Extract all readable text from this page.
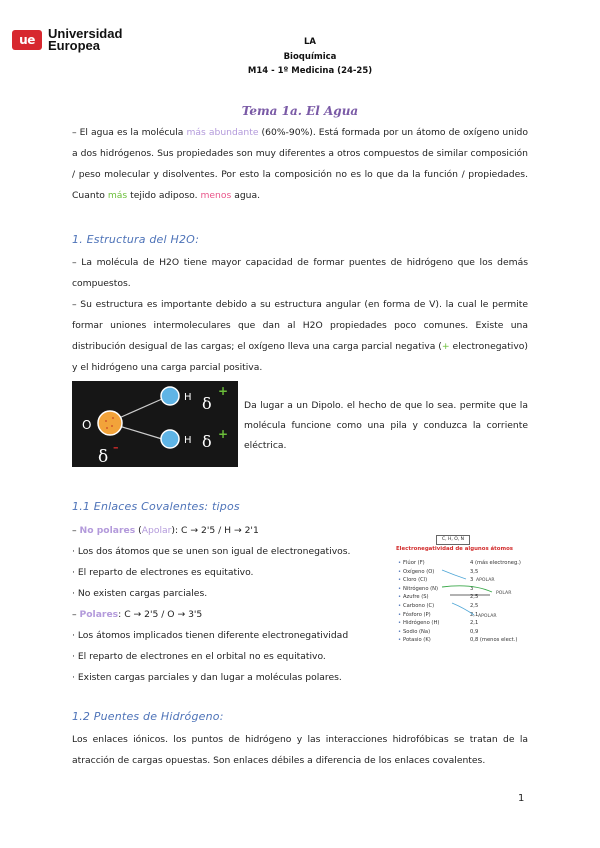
ue	Universidad
Europea	LA
Bioquímica
M14 - 1º Medicina (24-25)
Tema 1a. El Agua

– El agua es la molécula más abundante (60%-90%). Está formada por un átomo de oxígeno unido a dos hidrógenos. Sus propiedades son muy diferentes a otros compuestos de similar composición / peso molecular y disolventes. Por esto la composición no es lo que da la función / propiedades. Cuanto más tejido adiposo. menos agua.

1. Estructura del H2O:

– La molécula de H2O tiene mayor capacidad de formar puentes de hidrógeno que los demás compuestos.

– Su estructura es importante debido a su estructura angular (en forma de V). la cual le permite formar uniones intermoleculares que dan al H2O propiedades poco comunes. Existe una distribución desigual de las cargas; el oxígeno lleva una carga parcial negativa (+ electronegativo) y el hidrógeno una carga parcial positiva.

O
H
H
δ
δ
+
+
δ –
Da lugar a un Dipolo. el hecho de que lo sea. permite que la molécula funcione como una pila y conduzca la corriente eléctrica.
1.1 Enlaces Covalentes: tipos
– No polares (Apolar): C → 2'5 / H → 2'1
· Los dos átomos que se unen son igual de electronegativos.
· El reparto de electrones es equitativo.
· No existen cargas parciales.
– Polares: C → 2'5 / O → 3'5
· Los átomos implicados tienen diferente electronegatividad
· El reparto de electrones en el orbital no es equitativo.
· Existen cargas parciales y dan lugar a moléculas polares.
C, H, O, N
Electronegatividad de algunos átomos
• Flúor (F)	4 (más electroneg.)
• Oxígeno (O)	3,5
• Cloro (Cl)	3
• Nitrógeno (N)	3
• Azufre (S)	2,5
• Carbono (C)	2,5
• Fósforo (P)	2,1
• Hidrógeno (H)	2,1
• Sodio (Na)	0,9
• Potasio (K)	0,8 (menos elect.)
APOLAR
POLAR
APOLAR
1.2 Puentes de Hidrógeno:
Los enlaces iónicos. los puntos de hidrógeno y las interacciones hidrofóbicas se tratan de la atracción de cargas opuestas. Son enlaces débiles a diferencia de los enlaces covalentes.
1
